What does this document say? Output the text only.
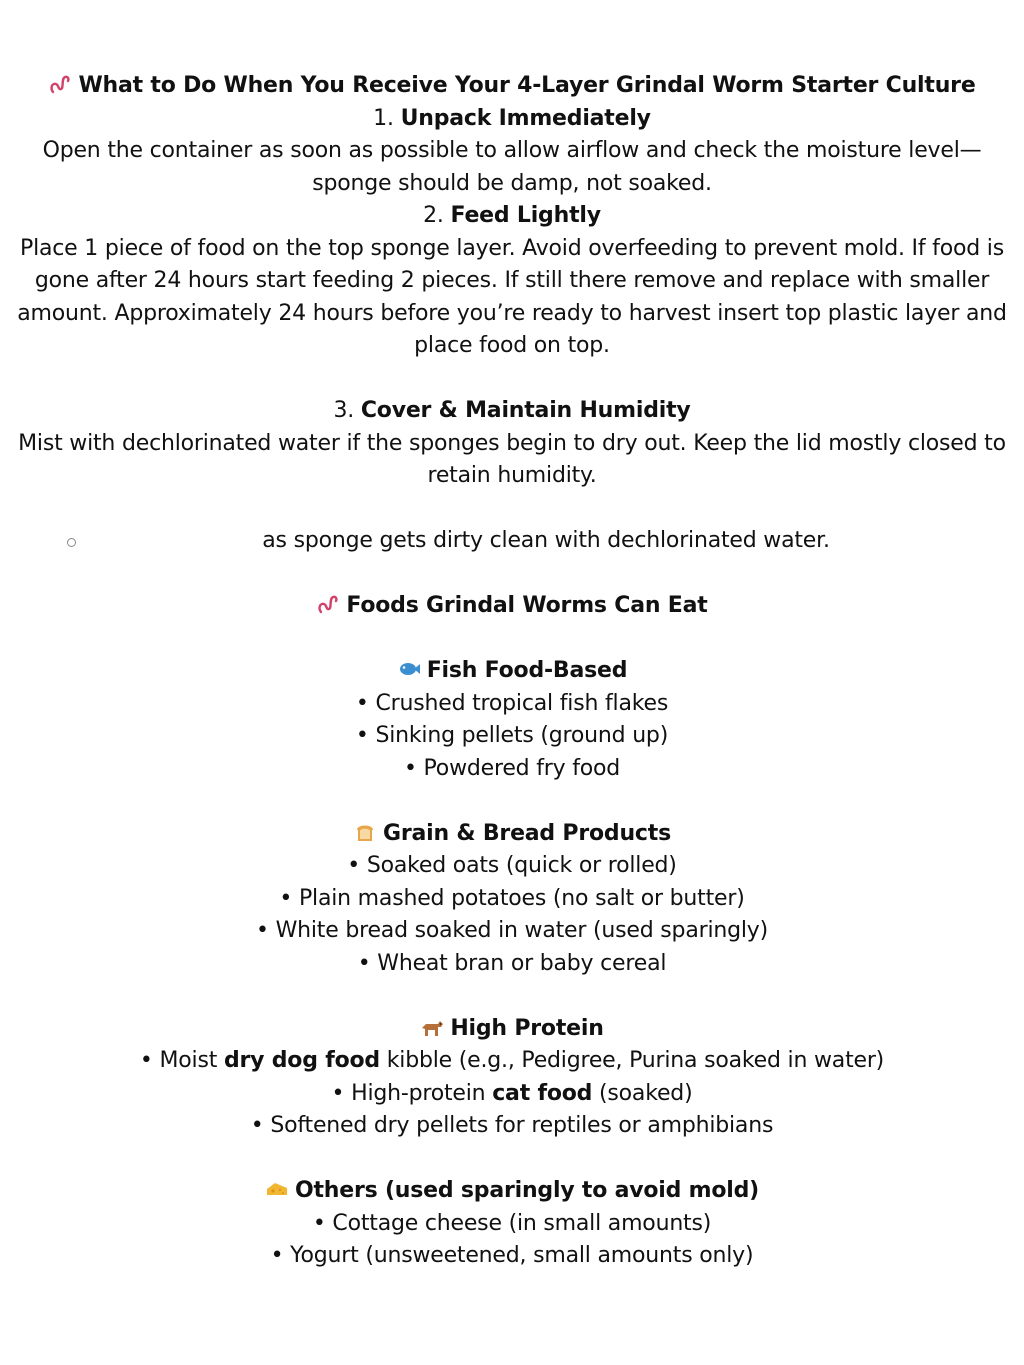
What to Do When You Receive Your 4-Layer Grindal Worm Starter Culture
1. Unpack Immediately
Open the container as soon as possible to allow airflow and check the moisture level—sponge should be damp, not soaked.
2. Feed Lightly
Place 1 piece of food on the top sponge layer. Avoid overfeeding to prevent mold. If food is gone after 24 hours start feeding 2 pieces. If still there remove and replace with smaller amount. Approximately 24 hours before you’re ready to harvest insert top plastic layer and place food on top.
3. Cover & Maintain Humidity
Mist with dechlorinated water if the sponges begin to dry out. Keep the lid mostly closed to retain humidity.
as sponge gets dirty clean with dechlorinated water.
Foods Grindal Worms Can Eat
Fish Food-Based
• Crushed tropical fish flakes
• Sinking pellets (ground up)
• Powdered fry food
Grain & Bread Products
• Soaked oats (quick or rolled)
• Plain mashed potatoes (no salt or butter)
• White bread soaked in water (used sparingly)
• Wheat bran or baby cereal
High Protein
• Moist dry dog food kibble (e.g., Pedigree, Purina soaked in water)
• High-protein cat food (soaked)
• Softened dry pellets for reptiles or amphibians
Others (used sparingly to avoid mold)
• Cottage cheese (in small amounts)
• Yogurt (unsweetened, small amounts only)
